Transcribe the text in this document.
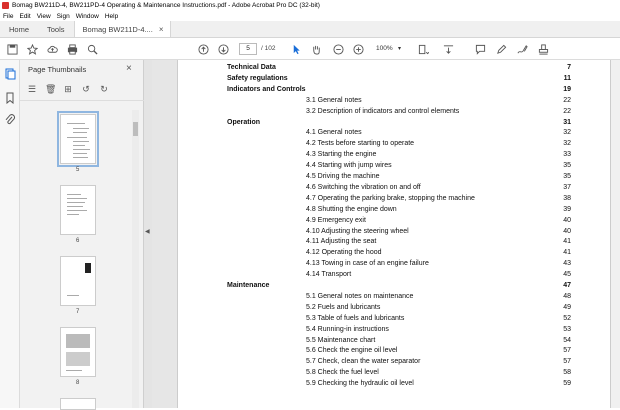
Bomag BW211D-4, BW211PD-4 Operating & Maintenance Instructions.pdf - Adobe Acrobat Pro DC (32-bit)
File Edit View Sign Window Help
Home	Tools	Bomag BW211D-4.... ×
5	/ 102	100% ▾
Page Thumbnails	×
☰ 🗑 ⊞ ↺ ↻
5
6
7
8
◀
Technical Data	7
Safety regulations	11
Indicators and Controls	19
3.1 General notes	22
3.2 Description of indicators and control elements	22
Operation	31
4.1 General notes	32
4.2 Tests before starting to operate	32
4.3 Starting the engine	33
4.4 Starting with jump wires	35
4.5 Driving the machine	35
4.6 Switching the vibration on and off	37
4.7 Operating the parking brake, stopping the machine	38
4.8 Shutting the engine down	39
4.9 Emergency exit	40
4.10 Adjusting the steering wheel	40
4.11 Adjusting the seat	41
4.12 Operating the hood	41
4.13 Towing in case of an engine failure	43
4.14 Transport	45
Maintenance	47
5.1 General notes on maintenance	48
5.2 Fuels and lubricants	49
5.3 Table of fuels and lubricants	52
5.4 Running-in instructions	53
5.5 Maintenance chart	54
5.6 Check the engine oil level	57
5.7 Check, clean the water separator	57
5.8 Check the fuel level	58
5.9 Checking the hydraulic oil level	59
